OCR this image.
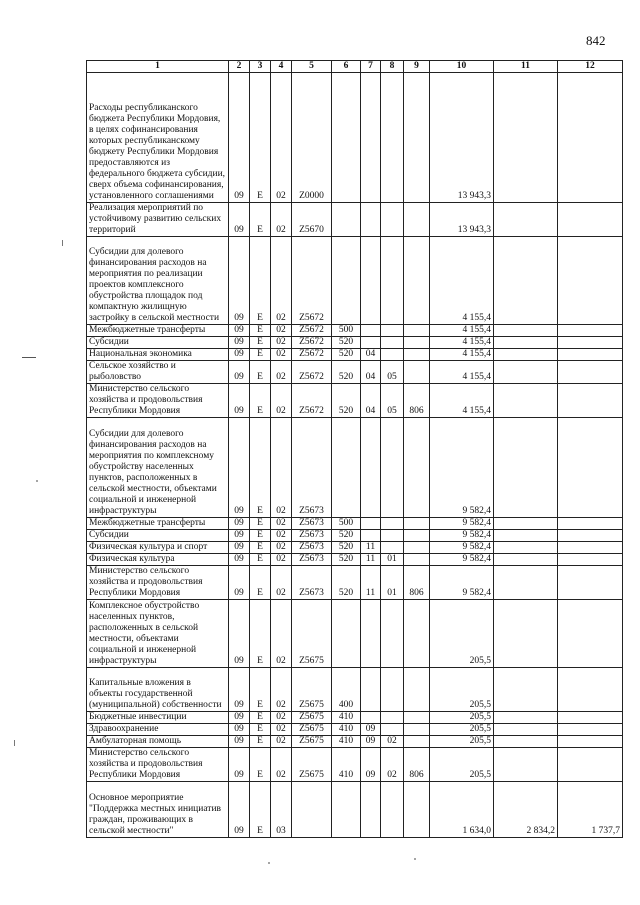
842
1	2	3	4	5	6	7	8	9	10	11	12
Расходы республиканского бюджета Республики Мордовия, в целях софинансирования которых республиканскому бюджету Республики Мордовия предоставляются из федерального бюджета субсидии, сверх объема софинансирования, установленного соглашениями	09	Е	02	Z0000					13 943,3		
Реализация мероприятий по устойчивому развитию сельских территорий	09	Е	02	Z5670					13 943,3		
Субсидии для долевого финансирования расходов на мероприятия по реализации проектов комплексного обустройства площадок под компактную жилищную застройку в сельской местности	09	Е	02	Z5672					4 155,4		
Межбюджетные трансферты	09	Е	02	Z5672	500				4 155,4		
Субсидии	09	Е	02	Z5672	520				4 155,4		
Национальная экономика	09	Е	02	Z5672	520	04			4 155,4		
Сельское хозяйство и рыболовство	09	Е	02	Z5672	520	04	05		4 155,4		
Министерство сельского хозяйства и продовольствия Республики Мордовия	09	Е	02	Z5672	520	04	05	806	4 155,4		
Субсидии для долевого финансирования расходов на мероприятия по комплексному обустройству населенных пунктов, расположенных в сельской местности, объектами социальной и инженерной инфраструктуры	09	Е	02	Z5673					9 582,4		
Межбюджетные трансферты	09	Е	02	Z5673	500				9 582,4		
Субсидии	09	Е	02	Z5673	520				9 582,4		
Физическая культура и спорт	09	Е	02	Z5673	520	11			9 582,4		
Физическая культура	09	Е	02	Z5673	520	11	01		9 582,4		
Министерство сельского хозяйства и продовольствия Республики Мордовия	09	Е	02	Z5673	520	11	01	806	9 582,4		
Комплексное обустройство населенных пунктов, расположенных в сельской местности, объектами социальной и инженерной инфраструктуры	09	Е	02	Z5675					205,5		
Капитальные вложения в объекты государственной (муниципальной) собственности	09	Е	02	Z5675	400				205,5		
Бюджетные инвестиции	09	Е	02	Z5675	410				205,5		
Здравоохранение	09	Е	02	Z5675	410	09			205,5		
Амбулаторная помощь	09	Е	02	Z5675	410	09	02		205,5		
Министерство сельского хозяйства и продовольствия Республики Мордовия	09	Е	02	Z5675	410	09	02	806	205,5		
Основное мероприятие "Поддержка местных инициатив граждан, проживающих в сельской местности"	09	Е	03						1 634,0	2 834,2	1 737,7
